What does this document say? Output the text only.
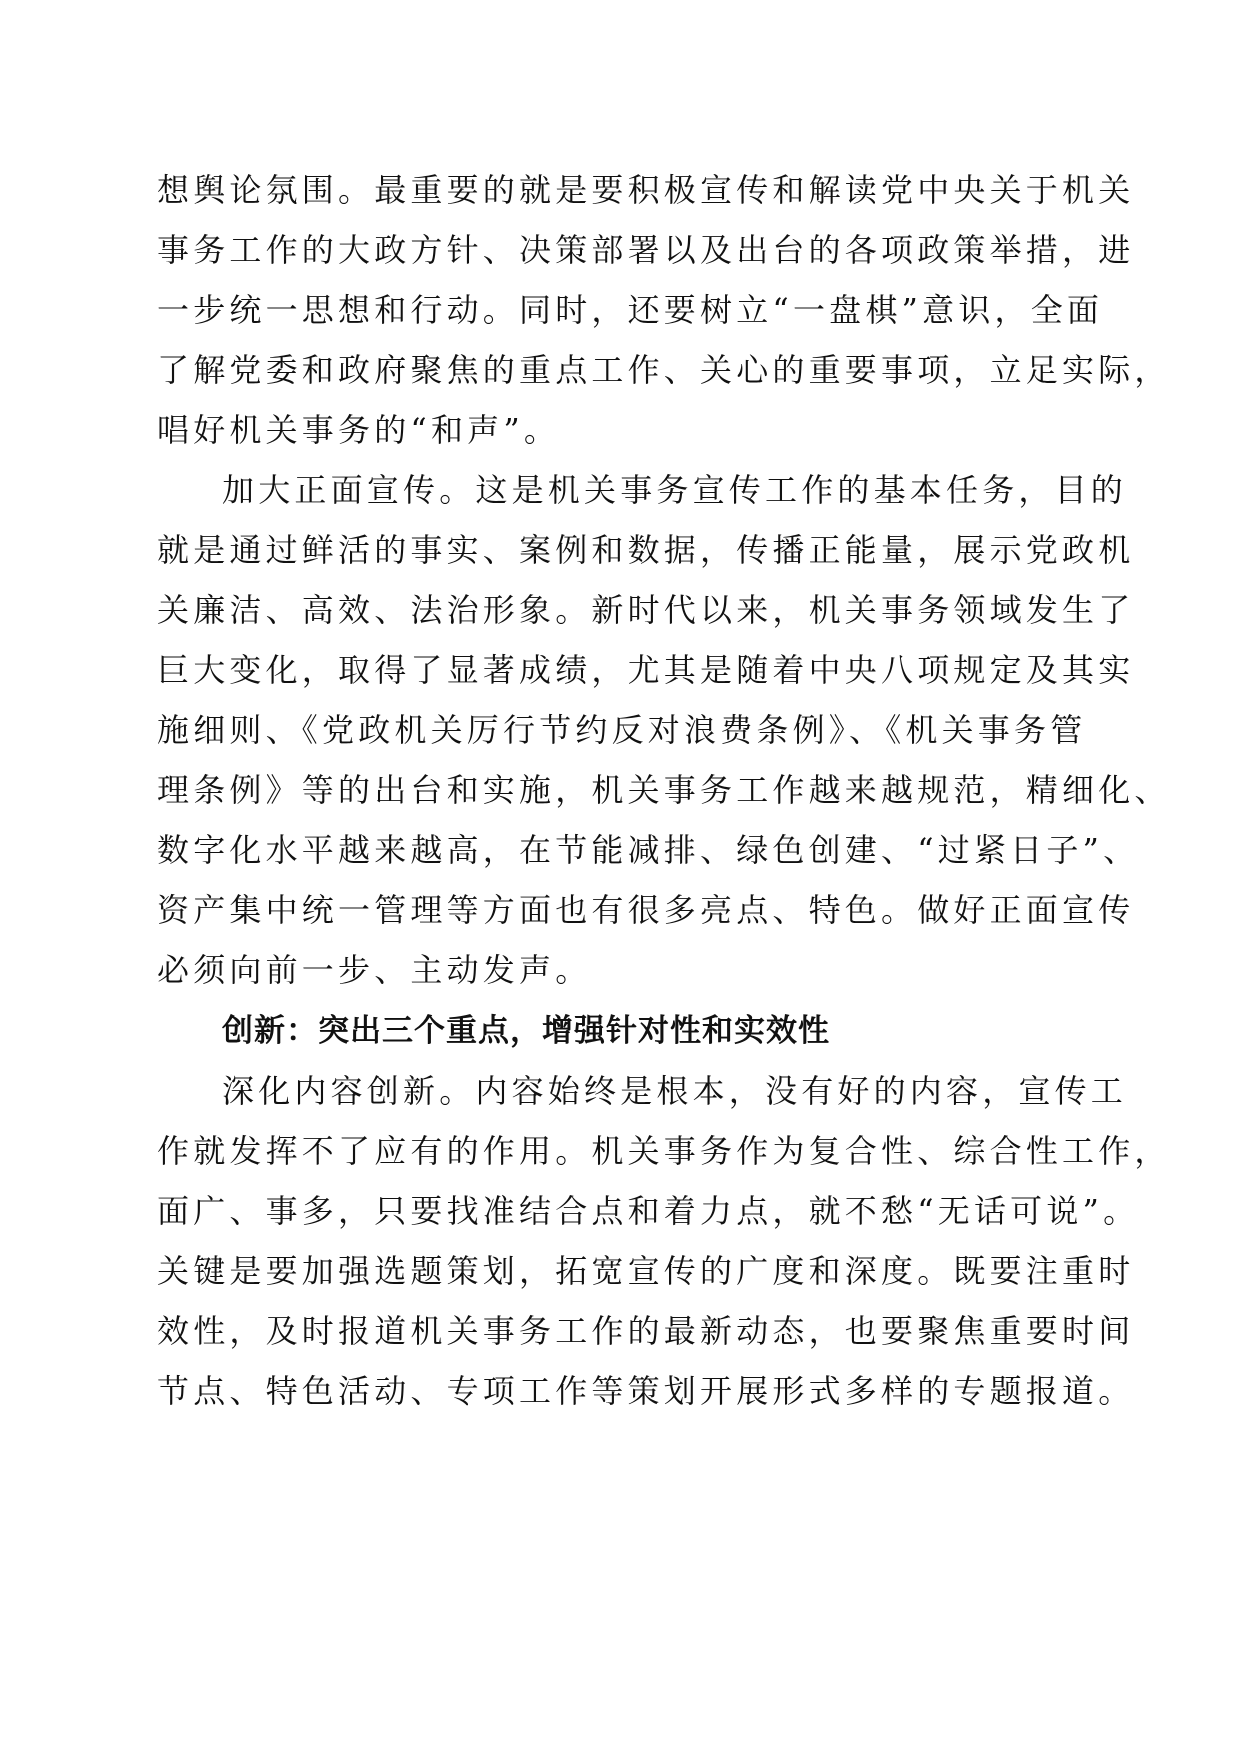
想舆论氛围。最重要的就是要积极宣传和解读党中央关于机关
事务工作的大政方针、决策部署以及出台的各项政策举措，进
一步统一思想和行动。同时，还要树立“一盘棋”意识，全面
了解党委和政府聚焦的重点工作、关心的重要事项，立足实际，
唱好机关事务的“和声”。
加大正面宣传。这是机关事务宣传工作的基本任务，目的
就是通过鲜活的事实、案例和数据，传播正能量，展示党政机
关廉洁、高效、法治形象。新时代以来，机关事务领域发生了
巨大变化，取得了显著成绩，尤其是随着中央八项规定及其实
施细则、《党政机关厉行节约反对浪费条例》、《机关事务管
理条例》等的出台和实施，机关事务工作越来越规范，精细化、
数字化水平越来越高，在节能减排、绿色创建、“过紧日子”、
资产集中统一管理等方面也有很多亮点、特色。做好正面宣传
必须向前一步、主动发声。
创新：突出三个重点，增强针对性和实效性
深化内容创新。内容始终是根本，没有好的内容，宣传工
作就发挥不了应有的作用。机关事务作为复合性、综合性工作，
面广、事多，只要找准结合点和着力点，就不愁“无话可说”。
关键是要加强选题策划，拓宽宣传的广度和深度。既要注重时
效性，及时报道机关事务工作的最新动态，也要聚焦重要时间
节点、特色活动、专项工作等策划开展形式多样的专题报道。
